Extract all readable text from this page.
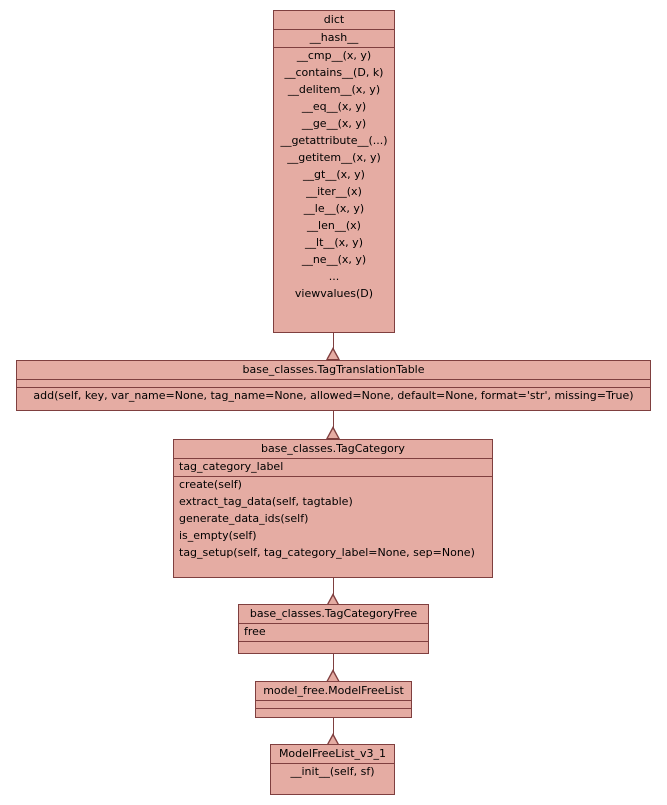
dict
__hash__
__cmp__(x, y)
__contains__(D, k)
__delitem__(x, y)
__eq__(x, y)
__ge__(x, y)
__getattribute__(...)
__getitem__(x, y)
__gt__(x, y)
__iter__(x)
__le__(x, y)
__len__(x)
__lt__(x, y)
__ne__(x, y)
...
viewvalues(D)
base_classes.TagTranslationTable
add(self, key, var_name=None, tag_name=None, allowed=None, default=None, format='str', missing=True)
base_classes.TagCategory
tag_category_label
create(self)
extract_tag_data(self, tagtable)
generate_data_ids(self)
is_empty(self)
tag_setup(self, tag_category_label=None, sep=None)
base_classes.TagCategoryFree
free
model_free.ModelFreeList
ModelFreeList_v3_1
__init__(self, sf)
